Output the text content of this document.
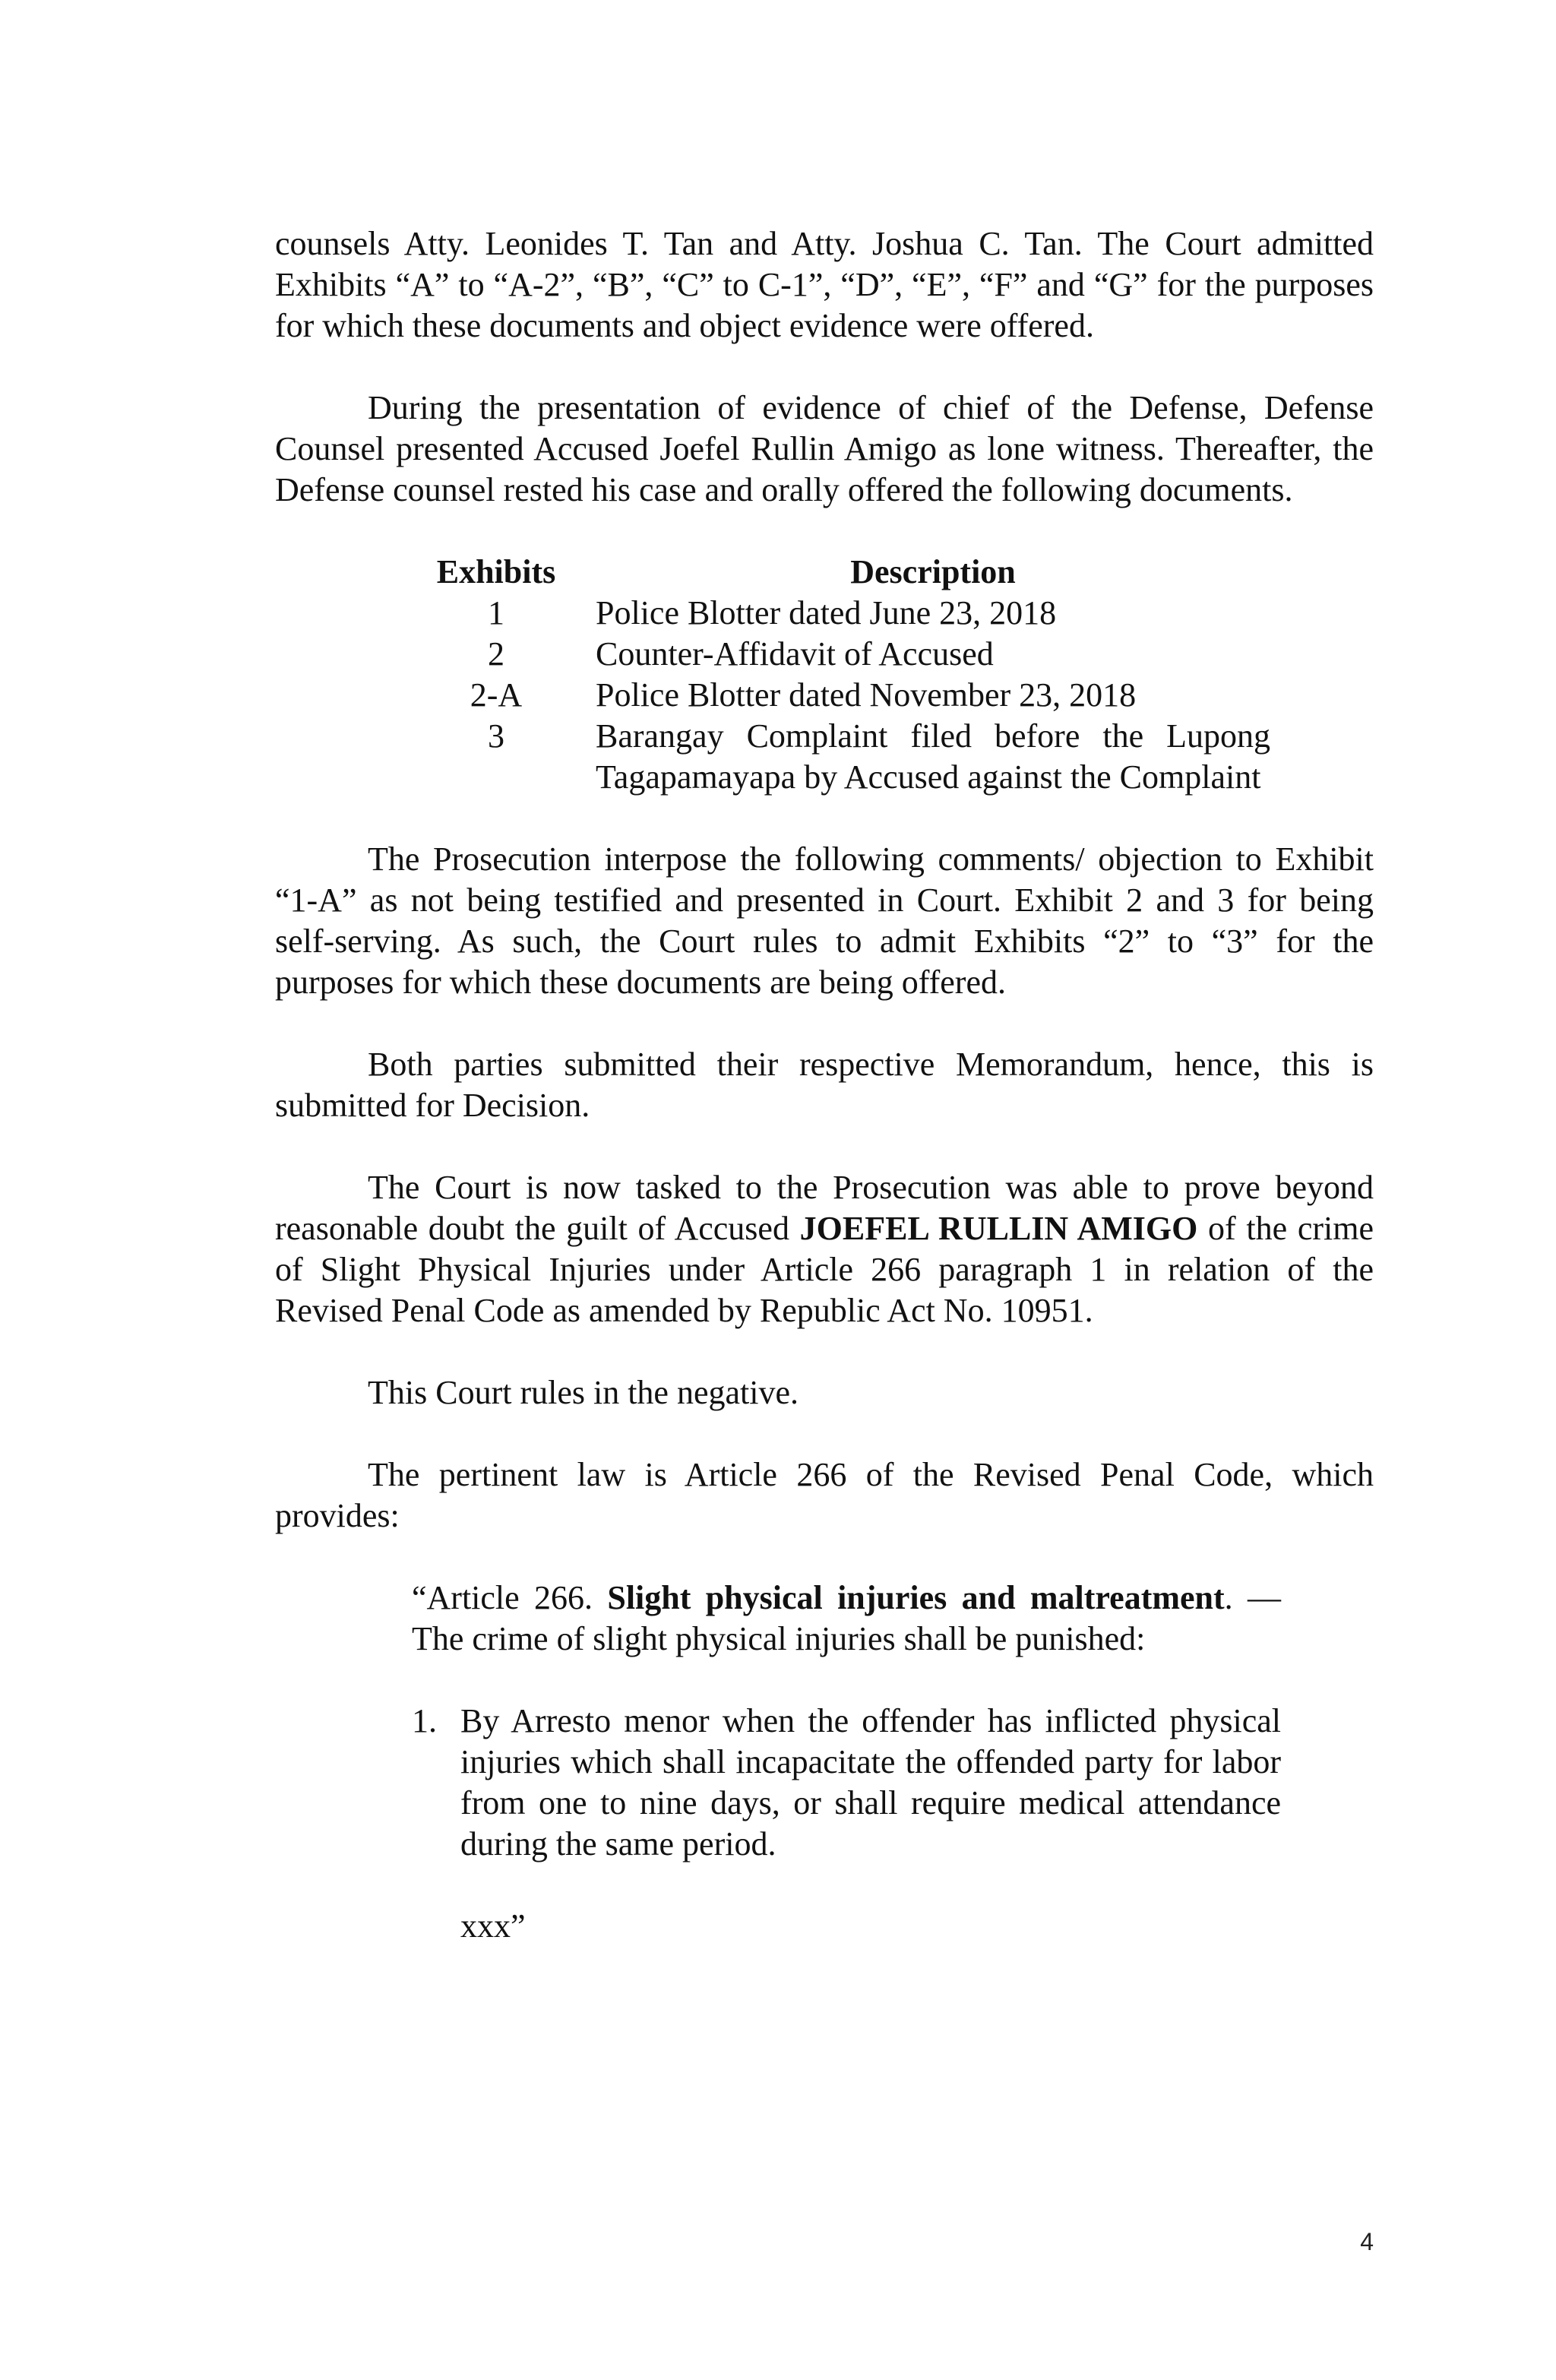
counsels Atty. Leonides T. Tan and Atty. Joshua C. Tan. The Court admitted Exhibits “A” to “A-2”, “B”, “C” to C-1”, “D”, “E”, “F” and “G” for the purposes for which these documents and object evidence were offered.

During the presentation of evidence of chief of the Defense, Defense Counsel presented Accused Joefel Rullin Amigo as lone witness. Thereafter, the Defense counsel rested his case and orally offered the following documents.

Exhibits	Description
1	Police Blotter dated June 23, 2018
2	Counter-Affidavit of Accused
2-A	Police Blotter dated November 23, 2018
3	Barangay Complaint filed before the Lupong Tagapamayapa by Accused against the Complaint

The Prosecution interpose the following comments/ objection to Exhibit “1-A” as not being testified and presented in Court. Exhibit 2 and 3 for being self-serving. As such, the Court rules to admit Exhibits “2” to “3” for the purposes for which these documents are being offered.

Both parties submitted their respective Memorandum, hence, this is submitted for Decision.

The Court is now tasked to the Prosecution was able to prove beyond reasonable doubt the guilt of Accused JOEFEL RULLIN AMIGO of the crime of Slight Physical Injuries under Article 266 paragraph 1 in relation of the Revised Penal Code as amended by Republic Act No. 10951.

This Court rules in the negative.

The pertinent law is Article 266 of the Revised Penal Code, which provides:

“Article 266. Slight physical injuries and maltreatment. — The crime of slight physical injuries shall be punished:

1. By Arresto menor when the offender has inflicted physical injuries which shall incapacitate the offended party for labor from one to nine days, or shall require medical attendance during the same period.
xxx”
4
